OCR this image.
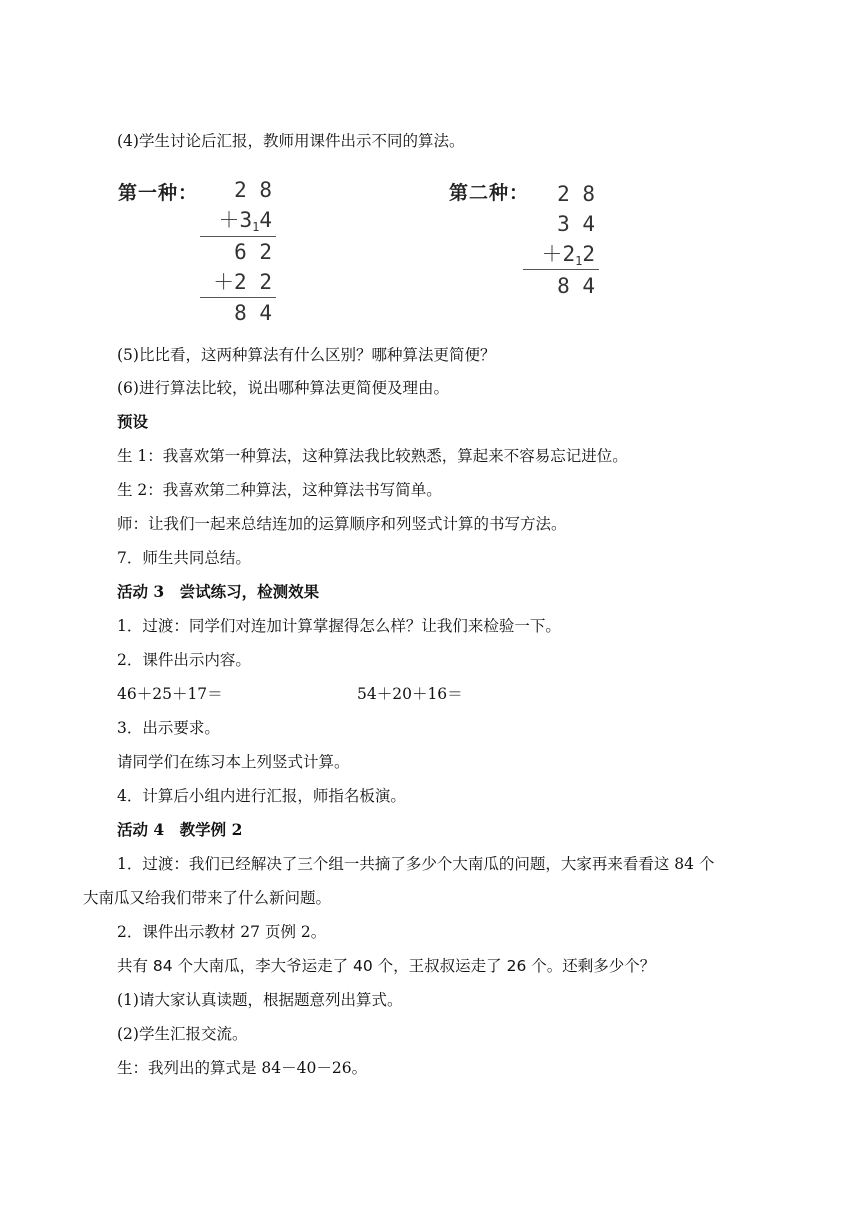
(4)学生讨论后汇报，教师用课件出示不同的算法。
第一种： 2 8
＋314
6 2
＋2 2
8 4
第二种： 2 8
3 4
＋212
8 4
(5)比比看，这两种算法有什么区别？哪种算法更简便？
(6)进行算法比较，说出哪种算法更简便及理由。
预设
生 1：我喜欢第一种算法，这种算法我比较熟悉，算起来不容易忘记进位。
生 2：我喜欢第二种算法，这种算法书写简单。
师：让我们一起来总结连加的运算顺序和列竖式计算的书写方法。
7．师生共同总结。
活动 3　尝试练习，检测效果
1．过渡：同学们对连加计算掌握得怎么样？让我们来检验一下。
2．课件出示内容。
46＋25＋17＝	54＋20＋16＝
3．出示要求。
请同学们在练习本上列竖式计算。
4．计算后小组内进行汇报，师指名板演。
活动 4　教学例 2
1．过渡：我们已经解决了三个组一共摘了多少个大南瓜的问题，大家再来看看这 84 个
大南瓜又给我们带来了什么新问题。
2．课件出示教材 27 页例 2。
共有 84 个大南瓜，李大爷运走了 40 个，王叔叔运走了 26 个。还剩多少个？
(1)请大家认真读题，根据题意列出算式。
(2)学生汇报交流。
生：我列出的算式是 84－40－26。
